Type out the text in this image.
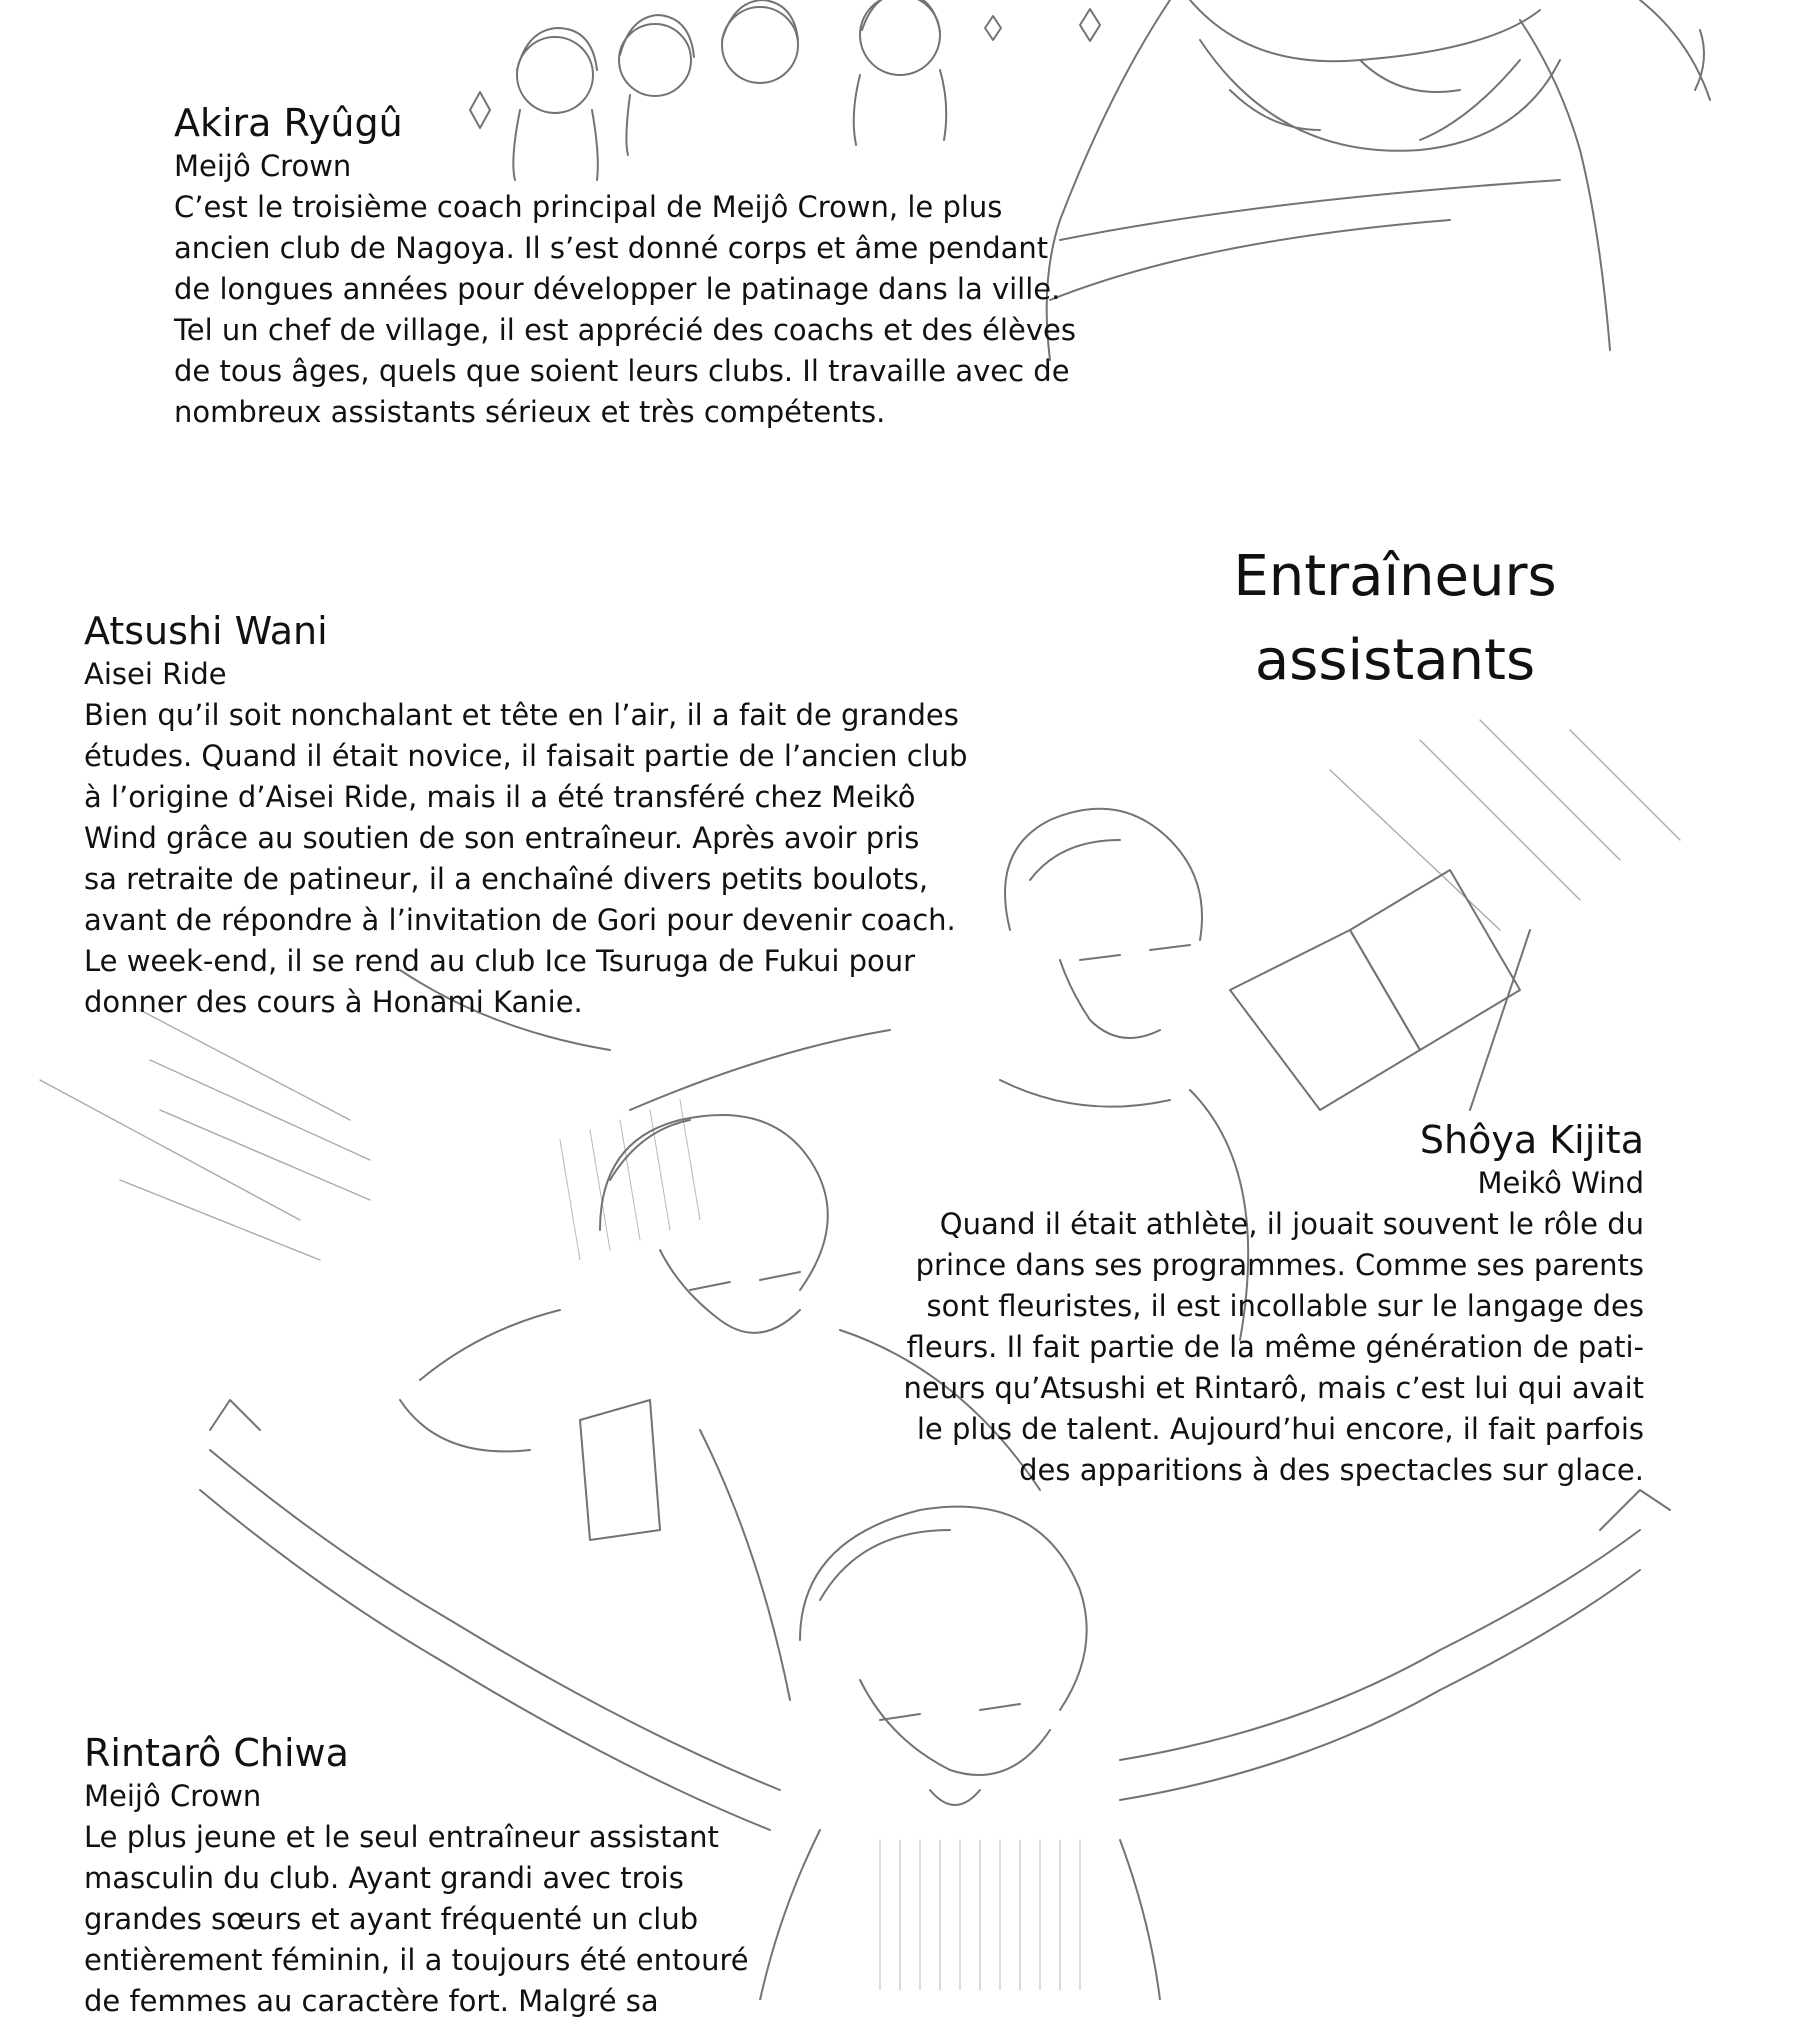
Entraîneurs
assistants
Akira Ryûgû

Meijô Crown

C’est le troisième coach principal de Meijô Crown, le plus
ancien club de Nagoya. Il s’est donné corps et âme pendant
de longues années pour développer le patinage dans la ville.
Tel un chef de village, il est apprécié des coachs et des élèves
de tous âges, quels que soient leurs clubs. Il travaille avec de
nombreux assistants sérieux et très compétents.

Atsushi Wani

Aisei Ride

Bien qu’il soit nonchalant et tête en l’air, il a fait de grandes
études. Quand il était novice, il faisait partie de l’ancien club
à l’origine d’Aisei Ride, mais il a été transféré chez Meikô
Wind grâce au soutien de son entraîneur. Après avoir pris
sa retraite de patineur, il a enchaîné divers petits boulots,
avant de répondre à l’invitation de Gori pour devenir coach.
Le week-end, il se rend au club Ice Tsuruga de Fukui pour
donner des cours à Honami Kanie.

Shôya Kijita

Meikô Wind

Quand il était athlète, il jouait souvent le rôle du
prince dans ses programmes. Comme ses parents
sont fleuristes, il est incollable sur le langage des
fleurs. Il fait partie de la même génération de pati-
neurs qu’Atsushi et Rintarô, mais c’est lui qui avait
le plus de talent. Aujourd’hui encore, il fait parfois
des apparitions à des spectacles sur glace.

Rintarô Chiwa

Meijô Crown

Le plus jeune et le seul entraîneur assistant
masculin du club. Ayant grandi avec trois
grandes sœurs et ayant fréquenté un club
entièrement féminin, il a toujours été entouré
de femmes au caractère fort. Malgré sa
